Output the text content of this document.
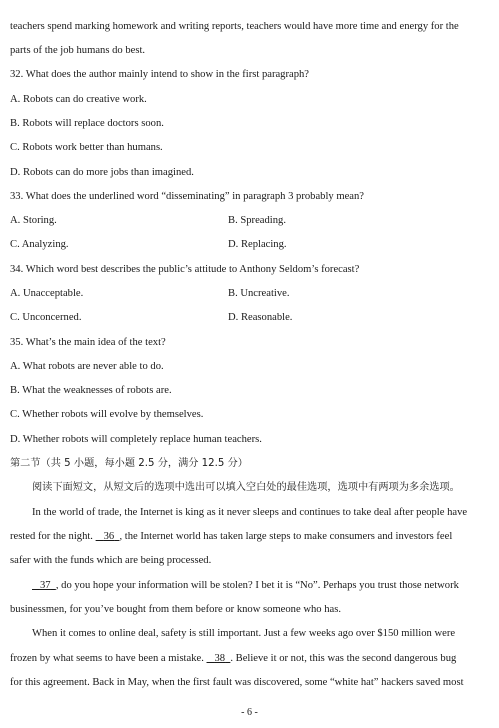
teachers spend marking homework and writing reports, teachers would have more time and energy for the
parts of the job humans do best.
32. What does the author mainly intend to show in the first paragraph?
A. Robots can do creative work.
B. Robots will replace doctors soon.
C. Robots work better than humans.
D. Robots can do more jobs than imagined.
33. What does the underlined word “disseminating” in paragraph 3 probably mean?
A. Storing.	B. Spreading.
C. Analyzing.	D. Replacing.
34. Which word best describes the public’s attitude to Anthony Seldom’s forecast?
A. Unacceptable.	B. Uncreative.
C. Unconcerned.	D. Reasonable.
35. What’s the main idea of the text?
A. What robots are never able to do.
B. What the weaknesses of robots are.
C. Whether robots will evolve by themselves.
D. Whether robots will completely replace human teachers.
第二节（共 5 小题，每小题 2.5 分，满分 12.5 分）
阅读下面短文，从短文后的选项中选出可以填入空白处的最佳选项，选项中有两项为多余选项。
In the world of trade, the Internet is king as it never sleeps and continues to take deal after people have
rested for the night.    36 , the Internet world has taken large steps to make consumers and investors feel
safer with the funds which are being processed.
37 , do you hope your information will be stolen? I bet it is “No”. Perhaps you trust those network
businessmen, for you’ve bought from them before or know someone who has.
When it comes to online deal, safety is still important. Just a few weeks ago over $150 million were
frozen by what seems to have been a mistake.    38 . Believe it or not, this was the second dangerous bug
for this agreement. Back in May, when the first fault was discovered, some “white hat” hackers saved most
- 6 -
